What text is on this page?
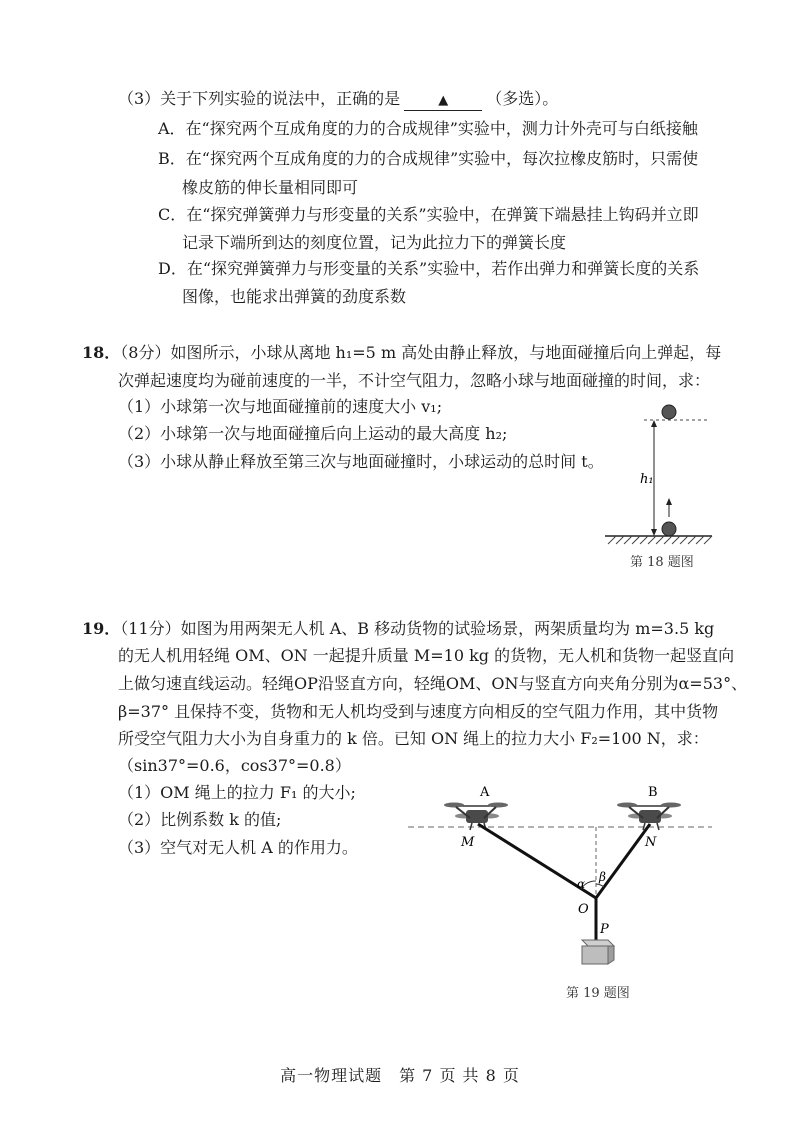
（3）关于下列实验的说法中，正确的是	▲ （多选）。
A．在“探究两个互成角度的力的合成规律”实验中，测力计外壳可与白纸接触
B．在“探究两个互成角度的力的合成规律”实验中，每次拉橡皮筋时，只需使
橡皮筋的伸长量相同即可
C．在“探究弹簧弹力与形变量的关系”实验中，在弹簧下端悬挂上钩码并立即
记录下端所到达的刻度位置，记为此拉力下的弹簧长度
D．在“探究弹簧弹力与形变量的关系”实验中，若作出弹力和弹簧长度的关系
图像，也能求出弹簧的劲度系数
18．（8分）如图所示，小球从离地 h₁=5 m 高处由静止释放，与地面碰撞后向上弹起，每
次弹起速度均为碰前速度的一半，不计空气阻力，忽略小球与地面碰撞的时间，求：
（1）小球第一次与地面碰撞前的速度大小 v₁;
（2）小球第一次与地面碰撞后向上运动的最大高度 h₂;
（3）小球从静止释放至第三次与地面碰撞时，小球运动的总时间 t。
h₁
第 18 题图
19．（11分）如图为用两架无人机 A、B 移动货物的试验场景，两架质量均为 m=3.5 kg
的无人机用轻绳 OM、ON 一起提升质量 M=10 kg 的货物，无人机和货物一起竖直向
上做匀速直线运动。轻绳OP沿竖直方向，轻绳OM、ON与竖直方向夹角分别为α=53°、
β=37° 且保持不变，货物和无人机均受到与速度方向相反的空气阻力作用，其中货物
所受空气阻力大小为自身重力的 k 倍。已知 ON 绳上的拉力大小 F₂=100 N，求：
（sin37°=0.6，cos37°=0.8）
（1）OM 绳上的拉力 F₁ 的大小;
（2）比例系数 k 的值;
（3）空气对无人机 A 的作用力。
A	B
M	N
α β
O
P
第 19 题图
高一物理试题　第 7 页 共 8 页
